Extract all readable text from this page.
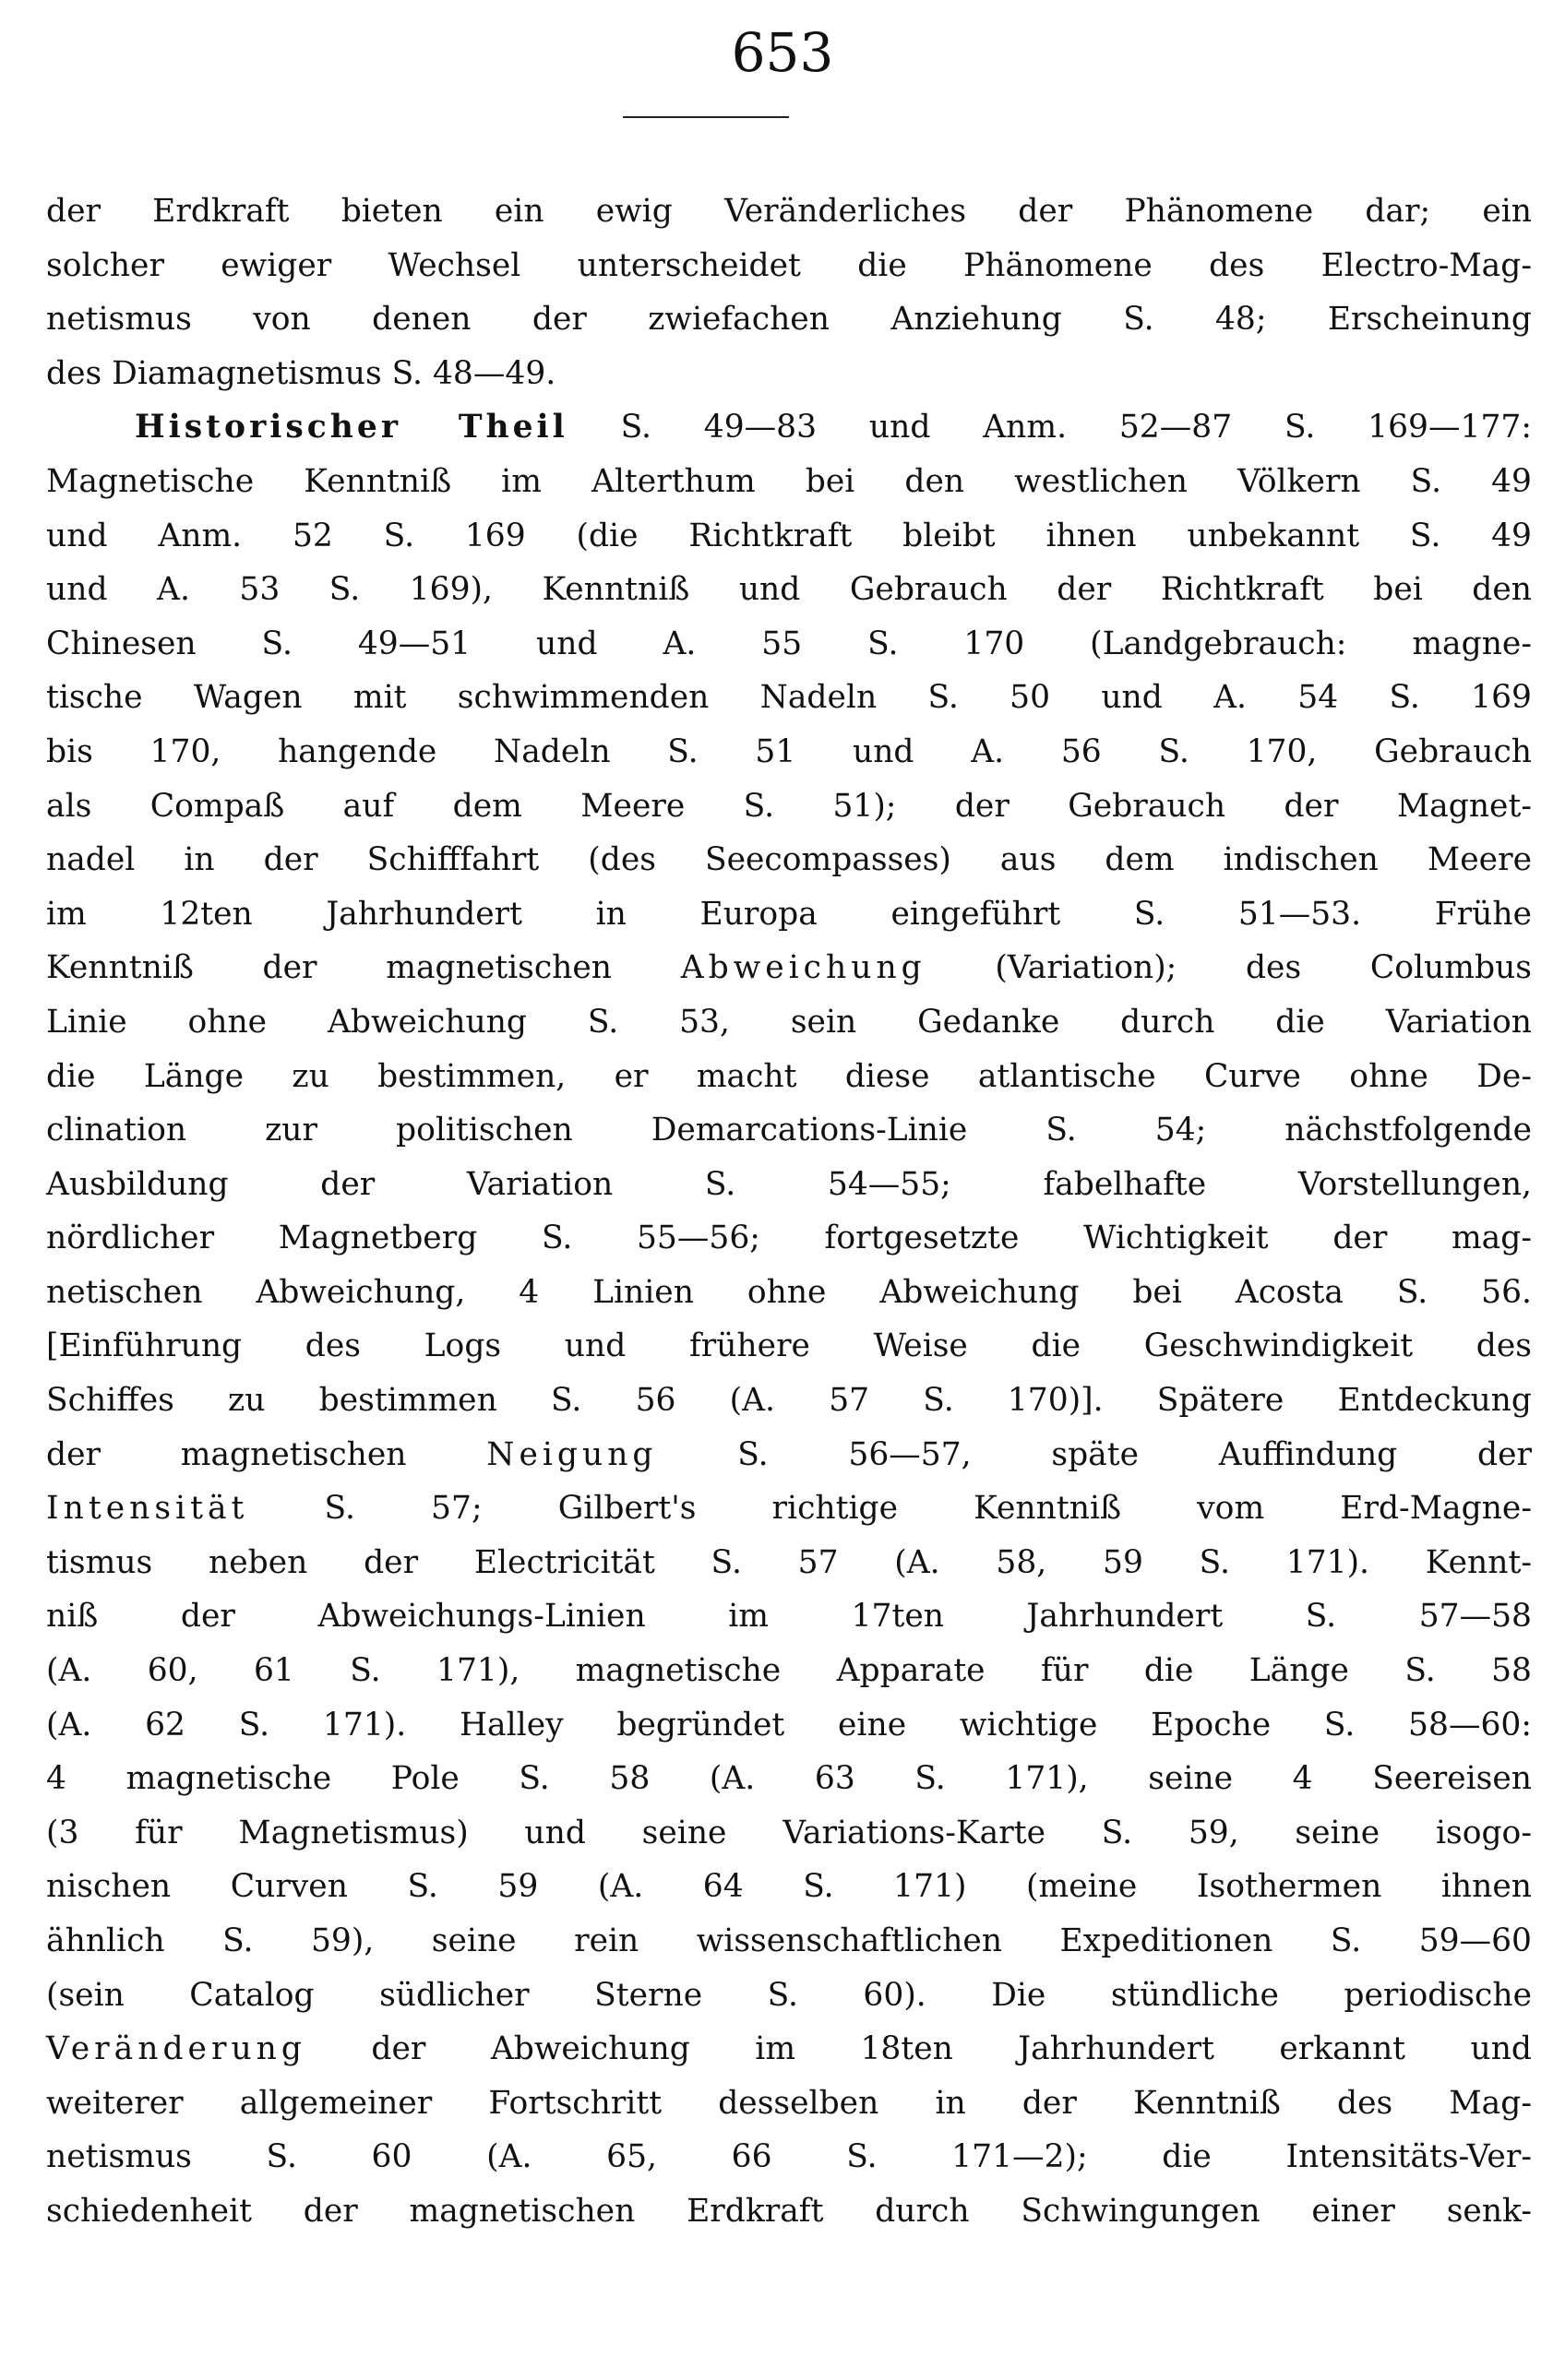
653
der Erdkraft bieten ein ewig Veränderliches der Phänomene dar; ein
solcher ewiger Wechsel unterscheidet die Phänomene des Electro-Mag-
netismus von denen der zwiefachen Anziehung S. 48; Erscheinung
des Diamagnetismus S. 48—49.
Historischer Theil S. 49—83 und Anm. 52—87 S. 169—177:
Magnetische Kenntniß im Alterthum bei den westlichen Völkern S. 49
und Anm. 52 S. 169 (die Richtkraft bleibt ihnen unbekannt S. 49
und A. 53 S. 169), Kenntniß und Gebrauch der Richtkraft bei den
Chinesen S. 49—51 und A. 55 S. 170 (Landgebrauch: magne-
tische Wagen mit schwimmenden Nadeln S. 50 und A. 54 S. 169
bis 170, hangende Nadeln S. 51 und A. 56 S. 170, Gebrauch
als Compaß auf dem Meere S. 51); der Gebrauch der Magnet-
nadel in der Schifffahrt (des Seecompasses) aus dem indischen Meere
im 12ten Jahrhundert in Europa eingeführt S. 51—53. Frühe
Kenntniß der magnetischen Abweichung (Variation); des Columbus
Linie ohne Abweichung S. 53, sein Gedanke durch die Variation
die Länge zu bestimmen, er macht diese atlantische Curve ohne De-
clination zur politischen Demarcations-Linie S. 54; nächstfolgende
Ausbildung der Variation S. 54—55; fabelhafte Vorstellungen,
nördlicher Magnetberg S. 55—56; fortgesetzte Wichtigkeit der mag-
netischen Abweichung, 4 Linien ohne Abweichung bei Acosta S. 56.
[Einführung des Logs und frühere Weise die Geschwindigkeit des
Schiffes zu bestimmen S. 56 (A. 57 S. 170)]. Spätere Entdeckung
der magnetischen Neigung S. 56—57, späte Auffindung der
Intensität S. 57; Gilbert's richtige Kenntniß vom Erd-Magne-
tismus neben der Electricität S. 57 (A. 58, 59 S. 171). Kennt-
niß der Abweichungs-Linien im 17ten Jahrhundert S. 57—58
(A. 60, 61 S. 171), magnetische Apparate für die Länge S. 58
(A. 62 S. 171). Halley begründet eine wichtige Epoche S. 58—60:
4 magnetische Pole S. 58 (A. 63 S. 171), seine 4 Seereisen
(3 für Magnetismus) und seine Variations-Karte S. 59, seine isogo-
nischen Curven S. 59 (A. 64 S. 171) (meine Isothermen ihnen
ähnlich S. 59), seine rein wissenschaftlichen Expeditionen S. 59—60
(sein Catalog südlicher Sterne S. 60). Die stündliche periodische
Veränderung der Abweichung im 18ten Jahrhundert erkannt und
weiterer allgemeiner Fortschritt desselben in der Kenntniß des Mag-
netismus S. 60 (A. 65, 66 S. 171—2); die Intensitäts-Ver-
schiedenheit der magnetischen Erdkraft durch Schwingungen einer senk-
